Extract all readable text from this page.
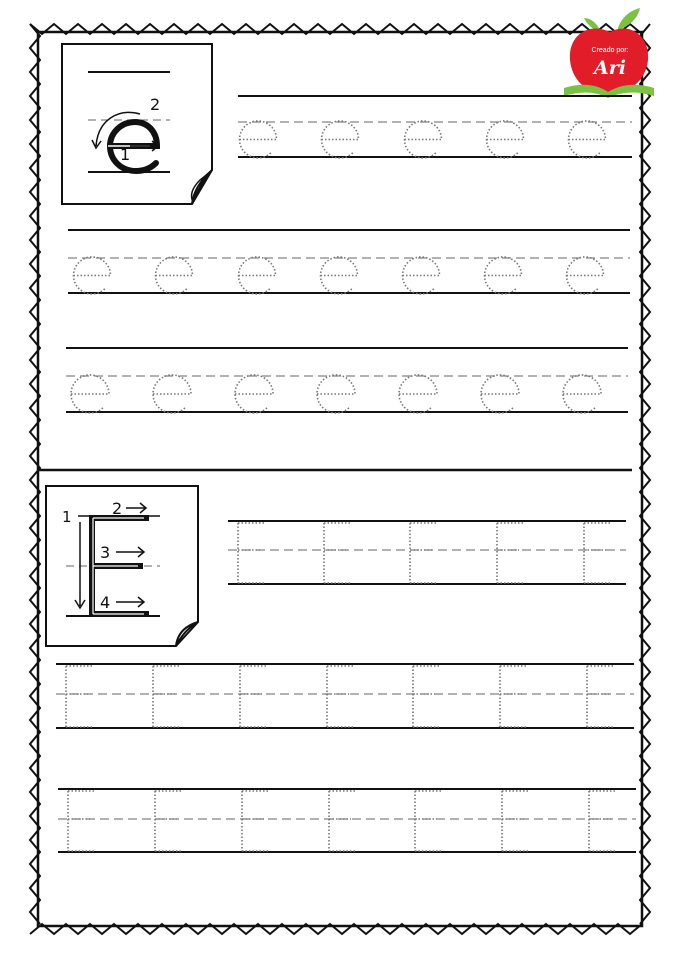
Creado por:
Ari
2
1
1	2
3
4
